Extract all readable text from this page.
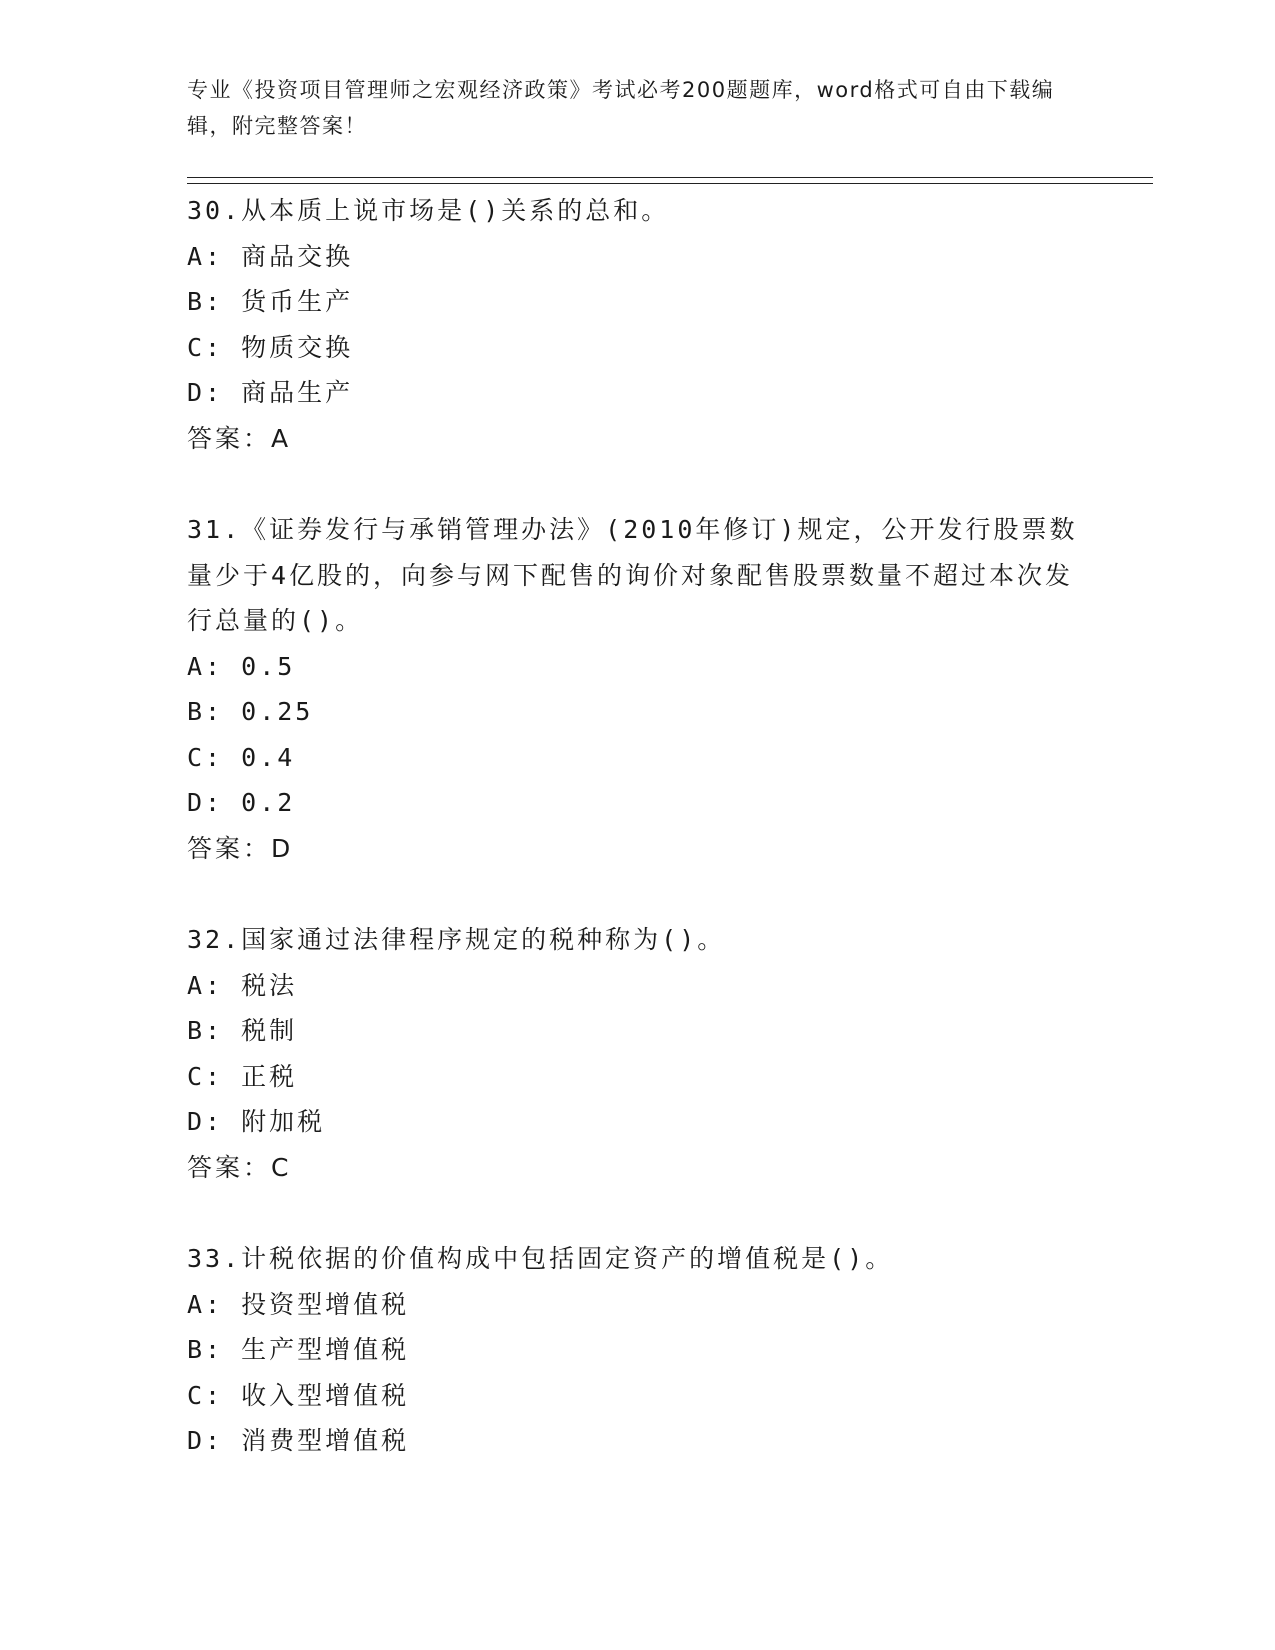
专业《投资项目管理师之宏观经济政策》考试必考200题题库，word格式可自由下载编辑，附完整答案！
30.从本质上说市场是()关系的总和。
A: 商品交换
B: 货币生产
C: 物质交换
D: 商品生产
答案：A
31.《证券发行与承销管理办法》(2010年修订)规定，公开发行股票数量少于4亿股的，向参与网下配售的询价对象配售股票数量不超过本次发行总量的()。
A: 0.5
B: 0.25
C: 0.4
D: 0.2
答案：D
32.国家通过法律程序规定的税种称为()。
A: 税法
B: 税制
C: 正税
D: 附加税
答案：C
33.计税依据的价值构成中包括固定资产的增值税是()。
A: 投资型增值税
B: 生产型增值税
C: 收入型增值税
D: 消费型增值税
